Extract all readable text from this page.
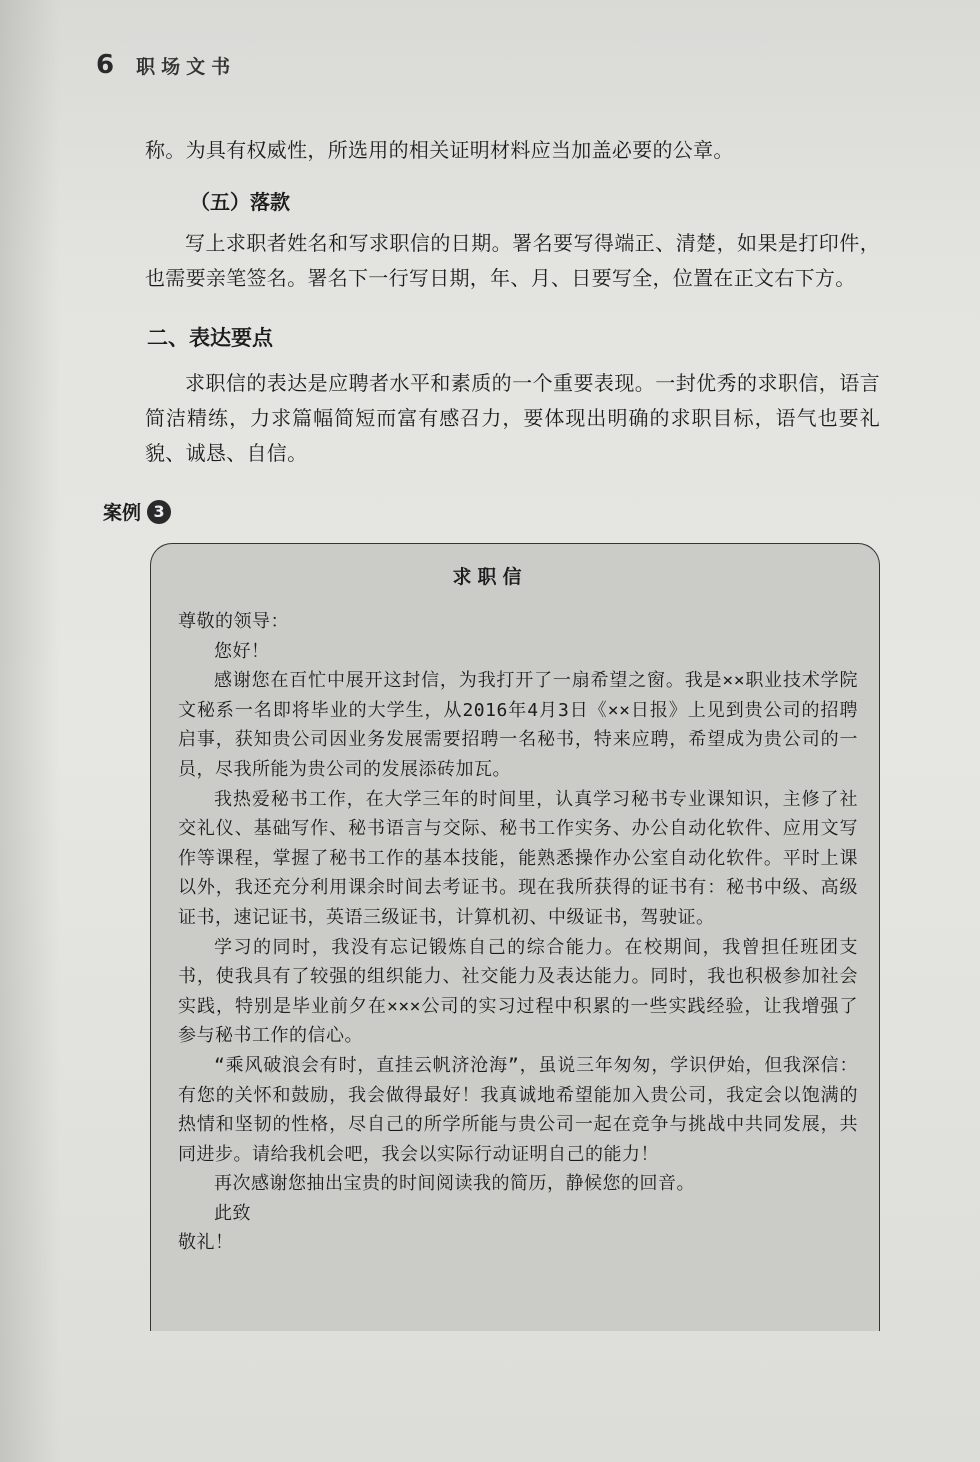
6 职场文书

称。为具有权威性，所选用的相关证明材料应当加盖必要的公章。

（五）落款

写上求职者姓名和写求职信的日期。署名要写得端正、清楚，如果是打印件，也需要亲笔签名。署名下一行写日期，年、月、日要写全，位置在正文右下方。

二、表达要点

求职信的表达是应聘者水平和素质的一个重要表现。一封优秀的求职信，语言简洁精练，力求篇幅简短而富有感召力，要体现出明确的求职目标，语气也要礼貌、诚恳、自信。

案例 3
求职信

尊敬的领导：

您好！

感谢您在百忙中展开这封信，为我打开了一扇希望之窗。我是××职业技术学院文秘系一名即将毕业的大学生，从2016年4月3日《××日报》上见到贵公司的招聘启事，获知贵公司因业务发展需要招聘一名秘书，特来应聘，希望成为贵公司的一员，尽我所能为贵公司的发展添砖加瓦。

我热爱秘书工作，在大学三年的时间里，认真学习秘书专业课知识，主修了社交礼仪、基础写作、秘书语言与交际、秘书工作实务、办公自动化软件、应用文写作等课程，掌握了秘书工作的基本技能，能熟悉操作办公室自动化软件。平时上课以外，我还充分利用课余时间去考证书。现在我所获得的证书有：秘书中级、高级证书，速记证书，英语三级证书，计算机初、中级证书，驾驶证。

学习的同时，我没有忘记锻炼自己的综合能力。在校期间，我曾担任班团支书，使我具有了较强的组织能力、社交能力及表达能力。同时，我也积极参加社会实践，特别是毕业前夕在×××公司的实习过程中积累的一些实践经验，让我增强了参与秘书工作的信心。

“乘风破浪会有时，直挂云帆济沧海”，虽说三年匆匆，学识伊始，但我深信：有您的关怀和鼓励，我会做得最好！我真诚地希望能加入贵公司，我定会以饱满的热情和坚韧的性格，尽自己的所学所能与贵公司一起在竞争与挑战中共同发展，共同进步。请给我机会吧，我会以实际行动证明自己的能力！

再次感谢您抽出宝贵的时间阅读我的简历，静候您的回音。

此致

敬礼！
